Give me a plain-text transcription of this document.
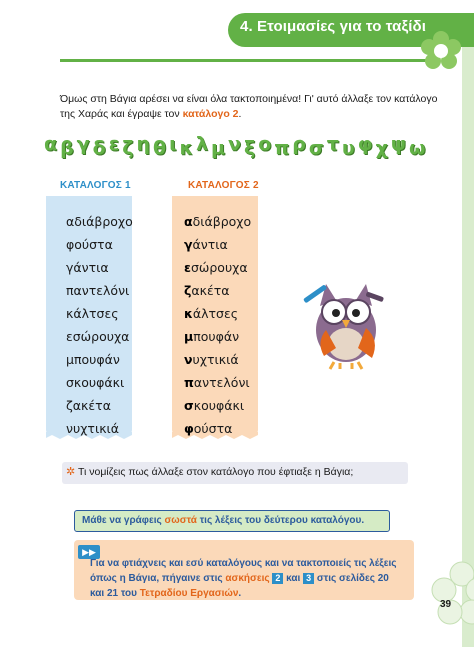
4. Ετοιμασίες για το ταξίδι
Όμως στη Βάγια αρέσει να είναι όλα τακτοποιημένα! Γι' αυτό άλλαξε τον κατάλογο της Χαράς και έγραψε τον κατάλογο 2.
α β γ δ ε ζ η θ ι κ λ μ ν ξ ο π ρ σ τ υ φ χ ψ ω
ΚΑΤΑΛΟΓΟΣ 1	ΚΑΤΑΛΟΓΟΣ 2
αδιάβροχο
φούστα
γάντια
παντελόνι
κάλτσες
εσώρουχα
μπουφάν
σκουφάκι
ζακέτα
νυχτικιά
αδιάβροχο
γάντια
εσώρουχα
ζακέτα
κάλτσες
μπουφάν
νυχτικιά
παντελόνι
σκουφάκι
φούστα
✲ Τι νομίζεις πως άλλαξε στον κατάλογο που έφτιαξε η Βάγια;
Μάθε να γράφεις σωστά τις λέξεις του δεύτερου καταλόγου.
▶▶
Για να φτιάχνεις και εσύ καταλόγους και να τακτοποιείς τις λέξεις όπως η Βάγια, πήγαινε στις ασκήσεις 2 και 3 στις σελίδες 20 και 21 του Τετραδίου Εργασιών.
39
